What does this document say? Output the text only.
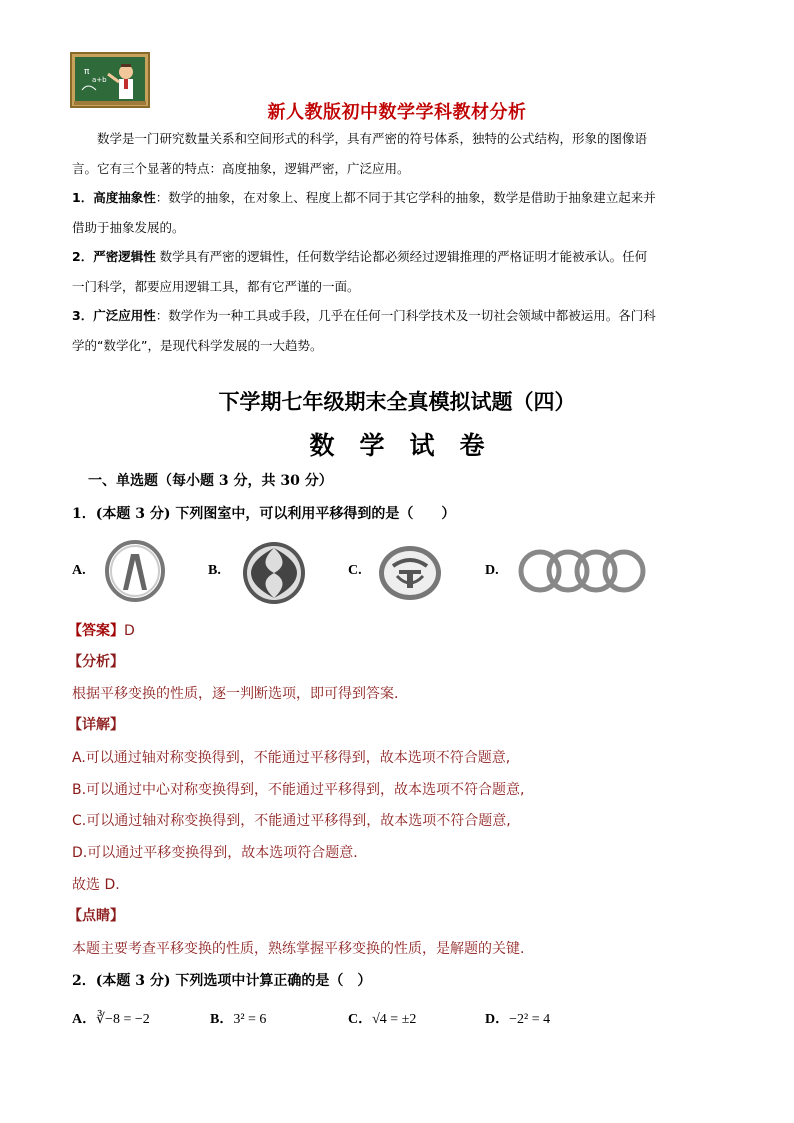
π
a+b
新人教版初中数学学科教材分析

数学是一门研究数量关系和空间形式的科学，具有严密的符号体系，独特的公式结构，形象的图像语

言。它有三个显著的特点：高度抽象，逻辑严密，广泛应用。

1．高度抽象性：数学的抽象，在对象上、程度上都不同于其它学科的抽象，数学是借助于抽象建立起来并

借助于抽象发展的。

2．严密逻辑性 数学具有严密的逻辑性，任何数学结论都必须经过逻辑推理的严格证明才能被承认。任何

一门科学，都要应用逻辑工具，都有它严谨的一面。

3．广泛应用性：数学作为一种工具或手段，几乎在任何一门科学技术及一切社会领域中都被运用。各门科

学的“数学化”，是现代科学发展的一大趋势。

下学期七年级期末全真模拟试题（四）
数　学　试　卷
一、单选题（每小题 3 分，共 30 分）
1．(本题 3 分) 下列图室中，可以利用平移得到的是（　　）
A.	B.	C.	D.
【答案】D
【分析】
根据平移变换的性质，逐一判断选项，即可得到答案.
【详解】
A.可以通过轴对称变换得到，不能通过平移得到，故本选项不符合题意,
B.可以通过中心对称变换得到，不能通过平移得到，故本选项不符合题意,
C.可以通过轴对称变换得到，不能通过平移得到，故本选项不符合题意,
D.可以通过平移变换得到，故本选项符合题意.
故选 D.
【点睛】
本题主要考查平移变换的性质，熟练掌握平移变换的性质，是解题的关键.
2．(本题 3 分) 下列选项中计算正确的是（　）
A．∛−8 = −2	B．3² = 6	C．√4 = ±2	D．−2² = 4
